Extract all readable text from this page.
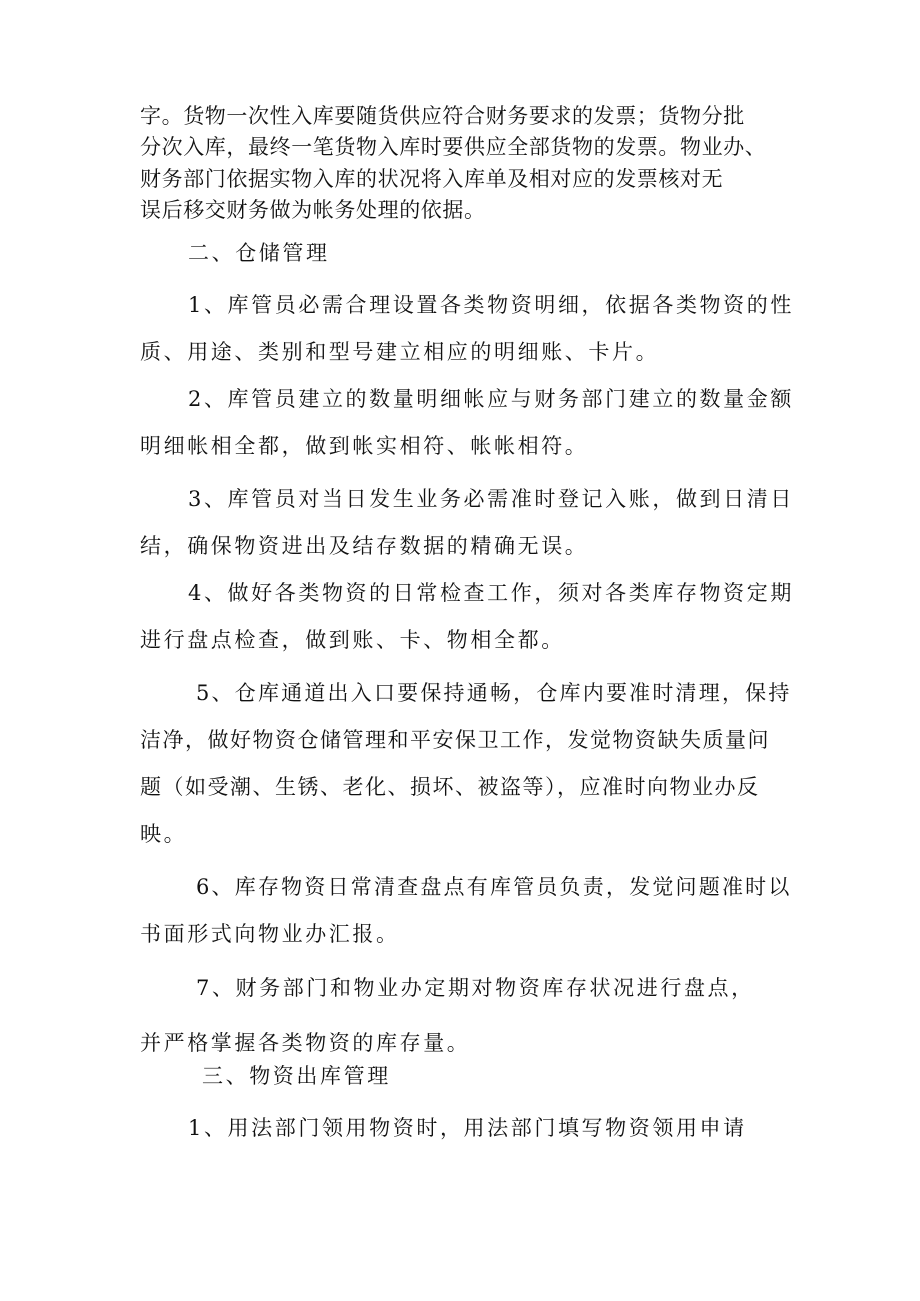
字。货物一次性入库要随货供应符合财务要求的发票；货物分批
分次入库，最终一笔货物入库时要供应全部货物的发票。物业办、
财务部门依据实物入库的状况将入库单及相对应的发票核对无
误后移交财务做为帐务处理的依据。
二、仓储管理
1、库管员必需合理设置各类物资明细，依据各类物资的性
质、用途、类别和型号建立相应的明细账、卡片。
2、库管员建立的数量明细帐应与财务部门建立的数量金额
明细帐相全都，做到帐实相符、帐帐相符。
3、库管员对当日发生业务必需准时登记入账，做到日清日
结，确保物资进出及结存数据的精确无误。
4、做好各类物资的日常检查工作，须对各类库存物资定期
进行盘点检查，做到账、卡、物相全都。
5、仓库通道出入口要保持通畅，仓库内要准时清理，保持
洁净，做好物资仓储管理和平安保卫工作，发觉物资缺失质量问
题（如受潮、生锈、老化、损坏、被盗等），应准时向物业办反
映。
6、库存物资日常清查盘点有库管员负责，发觉问题准时以
书面形式向物业办汇报。
7、财务部门和物业办定期对物资库存状况进行盘点，
并严格掌握各类物资的库存量。
三、物资出库管理
1、用法部门领用物资时，用法部门填写物资领用申请
